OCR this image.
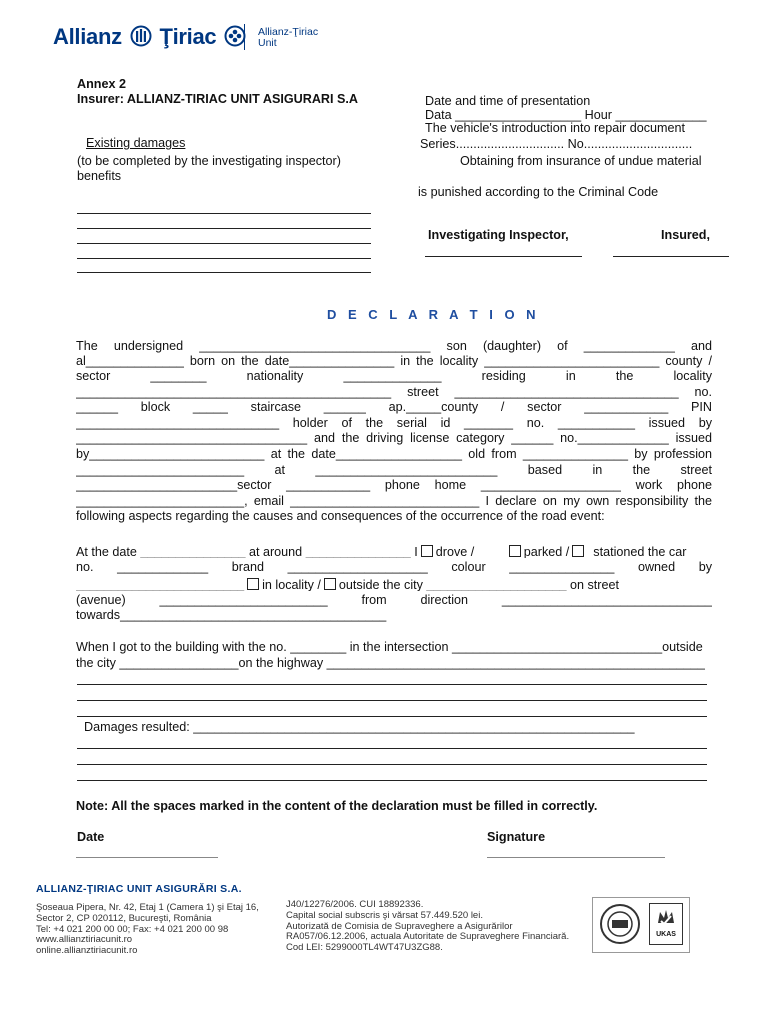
Allianz Ţiriac	Allianz-Ţiriac
Unit
Annex 2
Insurer: ALLIANZ-TIRIAC UNIT ASIGURARI S.A
Existing damages
(to be completed by the investigating inspector)
benefits
Date and time of presentation
Data __________________ Hour _____________
The vehicle's introduction into repair document
Series............................... No...............................
Obtaining from insurance of undue material
is punished according to the Criminal Code
Investigating Inspector,	Insured,
D E C L A R A T I O N
The undersigned _________________________________ son (daughter) of _____________ and
al______________ born on the date_______________ in the locality _________________________ county /
sector ________ nationality ______________ residing in the locality
_____________________________________________ street ________________________________ no.
______ block _____ staircase ______ ap._____county / sector ____________ PIN
_____________________________ holder of the serial id _______ no. ___________ issued by
_________________________________ and the driving license category ______ no._____________ issued
by_________________________ at the date__________________ old from _______________ by profession
________________________ at __________________________ based in the street
_______________________sector ____________ phone home ____________________ work phone
________________________, email ___________________________ I declare on my own responsibility the
following aspects regarding the causes and consequences of the occurrence of the road event:
At the date _______________ at around _______________ I drove /	parked / stationed the car
no. _____________ brand ____________________ colour _______________ owned by
________________________ in locality / outside the city ____________________ on street
(avenue) ________________________ from direction ______________________________
towards______________________________________
When I got to the building with the no. ________ in the intersection ______________________________outside
the city _________________on the highway ______________________________________________________
Damages resulted: _______________________________________________________________
Note: All the spaces marked in the content of the declaration must be filled in correctly.
Date	Signature
ALLIANZ-ŢIRIAC UNIT ASIGURĂRI S.A.
Şoseaua Pipera, Nr. 42, Etaj 1 (Camera 1) şi Etaj 16,
Sector 2, CP 020112, Bucureşti, România
Tel: +4 021 200 00 00; Fax: +4 021 200 00 98
www.allianztiriacunit.ro
online.allianztiriacunit.ro
J40/12276/2006. CUI 18892336.
Capital social subscris şi vărsat 57.449.520 lei.
Autorizată de Comisia de Supraveghere a Asigurărilor
RA057/06.12.2006, actuala Autoritate de Supraveghere Financiară.
Cod LEI: 5299000TL4WT47U3ZG88.
UKAS
